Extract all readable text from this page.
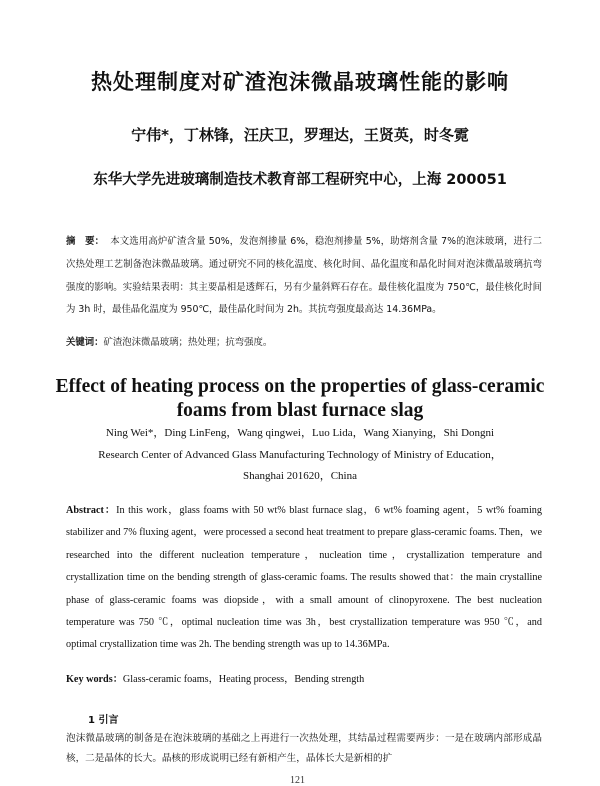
热处理制度对矿渣泡沫微晶玻璃性能的影响
宁伟*，丁林锋，汪庆卫，罗理达，王贤英，时冬霓
东华大学先进玻璃制造技术教育部工程研究中心，上海 200051
摘　要： 本文选用高炉矿渣含量 50%，发泡剂掺量 6%，稳泡剂掺量 5%，助熔剂含量 7%的泡沫玻璃，进行二次热处理工艺制备泡沫微晶玻璃。通过研究不同的核化温度、核化时间、晶化温度和晶化时间对泡沫微晶玻璃抗弯强度的影响。实验结果表明：其主要晶相是透辉石，另有少量斜辉石存在。最佳核化温度为 750℃，最佳核化时间为 3h 时，最佳晶化温度为 950℃，最佳晶化时间为 2h。其抗弯强度最高达 14.36MPa。
关键词：矿渣泡沫微晶玻璃；热处理；抗弯强度。
Effect of heating process on the properties of glass-ceramic
foams from blast furnace slag
Ning Wei*，Ding LinFeng，Wang qingwei，Luo Lida，Wang Xianying，Shi Dongni
Research Center of Advanced Glass Manufacturing Technology of Ministry of Education，
Shanghai 201620，China
Abstract：In this work，glass foams with 50 wt% blast furnace slag，6 wt% foaming agent，5 wt% foaming stabilizer and 7% fluxing agent，were processed a second heat treatment to prepare glass-ceramic foams. Then，we researched into the different nucleation temperature，nucleation time，crystallization temperature and crystallization time on the bending strength of glass-ceramic foams. The results showed that：the main crystalline phase of glass-ceramic foams was diopside，with a small amount of clinopyroxene. The best nucleation temperature was 750 ℃，optimal nucleation time was 3h，best crystallization temperature was 950 ℃，and optimal crystallization time was 2h. The bending strength was up to 14.36MPa.
Key words：Glass-ceramic foams，Heating process，Bending strength
1 引言
泡沫微晶玻璃的制备是在泡沫玻璃的基础之上再进行一次热处理，其结晶过程需要两步：一是在玻璃内部形成晶核，二是晶体的长大。晶核的形成说明已经有新相产生，晶体长大是新相的扩
121
